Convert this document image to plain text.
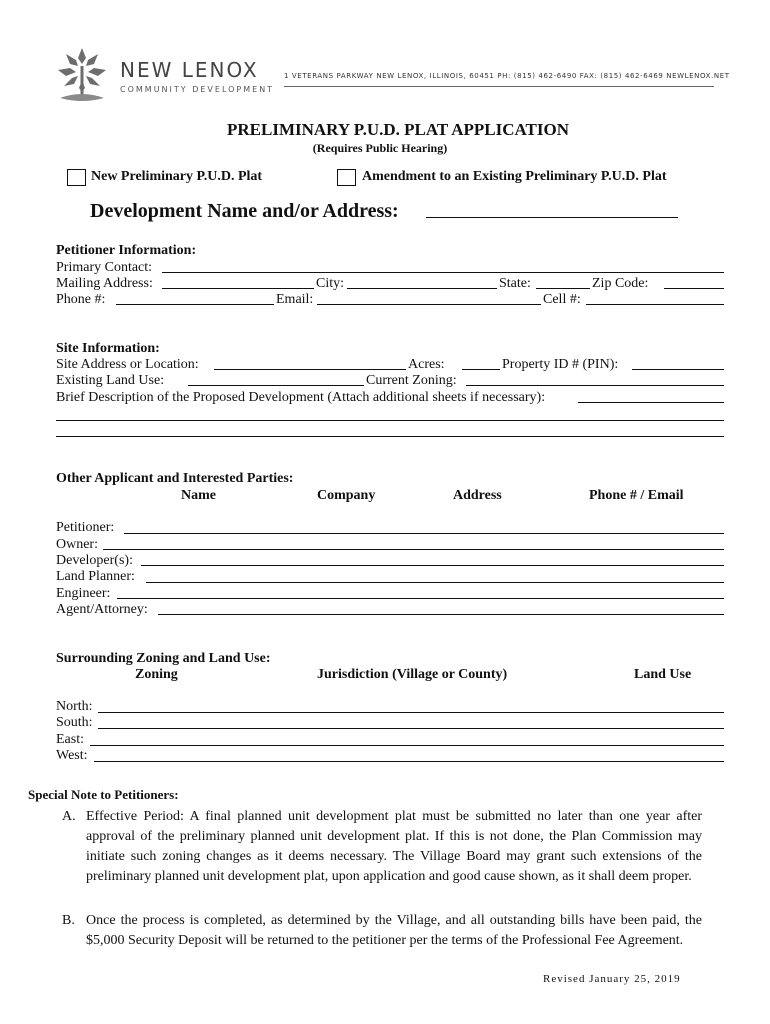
NEW LENOX
COMMUNITY DEVELOPMENT
1 VETERANS PARKWAY NEW LENOX, ILLINOIS, 60451 PH: (815) 462-6490 FAX: (815) 462-6469 NEWLENOX.NET
PRELIMINARY P.U.D. PLAT APPLICATION
(Requires Public Hearing)
New Preliminary P.U.D. Plat	Amendment to an Existing Preliminary P.U.D. Plat
Development Name and/or Address:
Petitioner Information:
Primary Contact:
Mailing Address:	City:	State:	Zip Code:
Phone #:	Email:	Cell #:
Site Information:
Site Address or Location:	Acres:	Property ID # (PIN):
Existing Land Use:	Current Zoning:
Brief Description of the Proposed Development (Attach additional sheets if necessary):
Other Applicant and Interested Parties:
Name	Company	Address	Phone # / Email
Petitioner:
Owner:
Developer(s):
Land Planner:
Engineer:
Agent/Attorney:
Surrounding Zoning and Land Use:
Zoning	Jurisdiction (Village or County)	Land Use
North:
South:
East:
West:
Special Note to Petitioners:
A. Effective Period: A final planned unit development plat must be submitted no later than one year after approval of the preliminary planned unit development plat. If this is not done, the Plan Commission may initiate such zoning changes as it deems necessary. The Village Board may grant such extensions of the preliminary planned unit development plat, upon application and good cause shown, as it shall deem proper.
B. Once the process is completed, as determined by the Village, and all outstanding bills have been paid, the $5,000 Security Deposit will be returned to the petitioner per the terms of the Professional Fee Agreement.
Revised January 25, 2019
